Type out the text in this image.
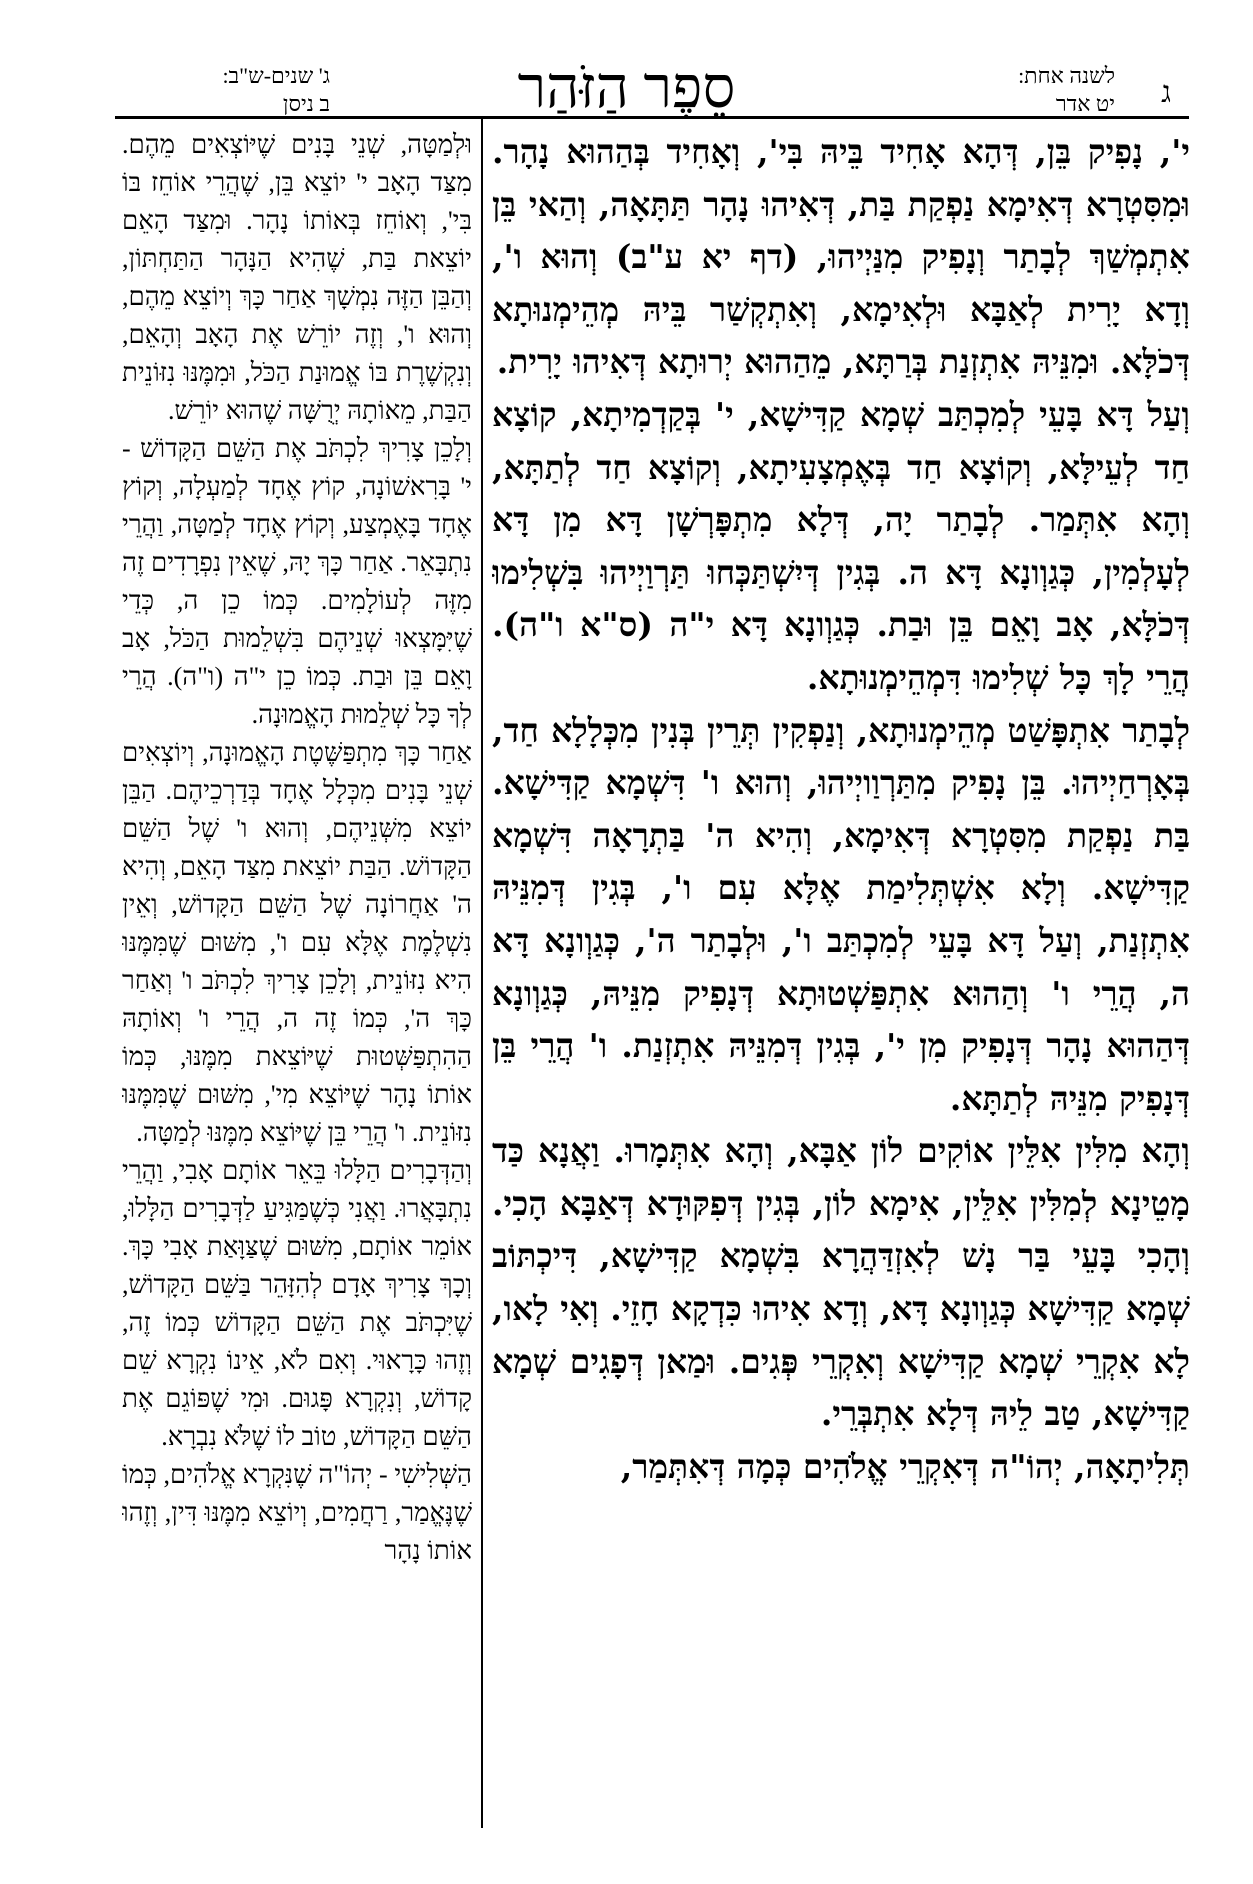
לשנה אחת:
יט אדר ג
סֵפֶר הַזֹּהַר
ג' שנים-ש"ב:
ב ניסן

י', נָפִיק בֵּן, דְּהָא אָחִיד בֵּיהּ בִּי', וְאָחִיד בְּהַהוּא נָהָר. וּמִסִּטְרָא דְּאִימָא נַפְקַת בַּת, דְּאִיהוּ נָהָר תַּתָּאָה, וְהַאי בֵּן אִתְמְשַׁךְ לְבָתַר וְנָפִיק מִנַּיְיהוּ, (דף יא ע"ב) וְהוּא ו', וְדָא יָרִית לְאַבָּא וּלְאִימָא, וְאִתְקְשַׁר בֵּיהּ מְהֵימְנוּתָא דְּכֹלָּא. וּמִנֵּיהּ אִתְזְנַת בְּרַתָּא, מֵהַהוּא יְרוּתָא דְּאִיהוּ יָרִית.

וְעַל דָּא בָּעֵי לְמִכְתַּב שְׁמָא קַדִּישָׁא, י' בְּקַדְמִיתָא, קוֹצָא חַד לְעֵילָּא, וְקוֹצָא חַד בְּאֶמְצָעִיתָא, וְקוֹצָא חַד לְתַתָּא, וְהָא אִתְּמַר. לְבָתַר יָה, דְּלָא מִתְפָּרְשָׁן דָּא מִן דָּא לְעָלְמִין, כְּגַוְונָא דָּא ה. בְּגִין דְּיִשְׁתַּכְּחוּ תַּרְוַיְיהוּ בִּשְׁלִימוּ דְּכֹלָּא, אָב וָאֵם בֵּן וּבַת. כְּגַוְונָא דָּא י"ה (ס"א ו"ה). הֲרֵי לָךְ כָּל שְׁלִימוּ דִּמְהֵימְנוּתָא.

לְבָתַר אִתְפָּשַׁט מְהֵימְנוּתָא, וְנַפְקִין תְּרֵין בְּנִין מִכְּלָלָא חַד, בְּאָרְחַיְיהוּ. בֵּן נָפִיק מִתַּרְוַויְיהוּ, וְהוּא ו' דִּשְׁמָא קַדִּישָׁא. בַּת נַפְקַת מִסִּטְרָא דְּאִימָא, וְהִיא ה' בַּתְרָאָה דִּשְׁמָא קַדִּישָׁא. וְלָא אִשְׁתְּלִימַת אֶלָּא עִם ו', בְּגִין דְּמִנֵּיהּ אִתְזְנַת, וְעַל דָּא בָּעֵי לְמִכְתַּב ו', וּלְבָתַר ה', כְּגַוְונָא דָּא ה, הֲרֵי ו' וְהַהוּא אִתְפַּשְׁטוּתָא דְּנָפִיק מִנֵּיהּ, כְּגַוְונָא דְּהַהוּא נָהָר דְּנָפִיק מִן י', בְּגִין דְּמִנֵּיהּ אִתְזְנַת. ו' הֲרֵי בֵּן דְּנָפִיק מִנֵּיהּ לְתַתָּא.

וְהָא מִלִּין אִלֵּין אוֹקִים לוֹן אַבָּא, וְהָא אִתְּמָרוּ. וַאֲנָא כַּד מָטֵינָא לְמִלִּין אִלֵּין, אִימָא לוֹן, בְּגִין דְּפִקּוּדָא דְּאַבָּא הָכִי. וְהָכִי בָּעֵי בַּר נָשׁ לְאִזְדַּהֲרָא בִּשְׁמָא קַדִּישָׁא, דִּיכְתּוֹב שְׁמָא קַדִּישָׁא כְּגַוְונָא דָּא, וְדָא אִיהוּ כִּדְקָא חָזֵי. וְאִי לָאו, לָא אִקְרֵי שְׁמָא קַדִּישָׁא וְאִקְרֵי פְּגִים. וּמַאן דְּפָגִים שְׁמָא קַדִּישָׁא, טַב לֵיהּ דְּלָא אִתְבְּרֵי.

תְּלִיתָאָה, יְהוֹ"ה דְּאִקְרֵי אֱלֹהִים כְּמָה דְּאִתְּמַר,

וּלְמַטָּה, שְׁנֵי בָּנִים שֶׁיּוֹצְאִים מֵהֶם. מִצַּד הָאָב י' יוֹצֵא בֵּן, שֶׁהֲרֵי אוֹחֵז בּוֹ בִּי', וְאוֹחֵז בְּאוֹתוֹ נָהָר. וּמִצַּד הָאֵם יוֹצֵאת בַּת, שֶׁהִיא הַנָּהָר הַתַּחְתּוֹן, וְהַבֵּן הַזֶּה נִמְשָׁךְ אַחַר כָּךְ וְיוֹצֵא מֵהֶם, וְהוּא ו', וְזֶה יוֹרֵשׁ אֶת הָאָב וְהָאֵם, וְנִקְשֶׁרֶת בּוֹ אֱמוּנַת הַכֹּל, וּמִמֶּנּוּ נִזּוֹנֵית הַבַּת, מֵאוֹתָהּ יְרֻשָּׁה שֶׁהוּא יוֹרֵשׁ.

וְלָכֵן צָרִיךְ לִכְתֹּב אֶת הַשֵּׁם הַקָּדוֹשׁ - י' בָּרִאשׁוֹנָה, קוֹץ אֶחָד לְמַעְלָה, וְקוֹץ אֶחָד בָּאֶמְצַע, וְקוֹץ אֶחָד לְמַטָּה, וַהֲרֵי נִתְבָּאֵר. אַחַר כָּךְ יָהּ, שֶׁאֵין נִפְרָדִים זֶה מִזֶּה לְעוֹלָמִים. כְּמוֹ כֵן ה, כְּדֵי שֶׁיִּמָּצְאוּ שְׁנֵיהֶם בִּשְׁלֵמוּת הַכֹּל, אָב וָאֵם בֵּן וּבַת. כְּמוֹ כֵן י"ה (ו"ה). הֲרֵי לְךָ כָּל שְׁלֵמוּת הָאֱמוּנָה.

אַחַר כָּךְ מִתְפַּשֶּׁטֶת הָאֱמוּנָה, וְיוֹצְאִים שְׁנֵי בָּנִים מִכְּלָל אֶחָד בְּדַרְכֵיהֶם. הַבֵּן יוֹצֵא מִשְּׁנֵיהֶם, וְהוּא ו' שֶׁל הַשֵּׁם הַקָּדוֹשׁ. הַבַּת יוֹצֵאת מִצַּד הָאֵם, וְהִיא ה' אַחֲרוֹנָה שֶׁל הַשֵּׁם הַקָּדוֹשׁ, וְאֵין נִשְׁלֶמֶת אֶלָּא עִם ו', מִשּׁוּם שֶׁמִּמֶּנּוּ הִיא נִזּוֹנֵית, וְלָכֵן צָרִיךְ לִכְתֹּב ו' וְאַחַר כָּךְ ה', כְּמוֹ זֶה ה, הֲרֵי ו' וְאוֹתָהּ הַהִתְפַּשְּׁטוּת שֶׁיּוֹצֵאת מִמֶּנּוּ, כְּמוֹ אוֹתוֹ נָהָר שֶׁיּוֹצֵא מִי', מִשּׁוּם שֶׁמִּמֶּנּוּ נִזּוֹנֵית. ו' הֲרֵי בֵּן שֶׁיּוֹצֵא מִמֶּנּוּ לְמַטָּה.

וְהַדְּבָרִים הַלָּלוּ בֵּאֵר אוֹתָם אָבִי, וַהֲרֵי נִתְבָּאֲרוּ. וַאֲנִי כְּשֶׁמַּגִּיעַ לַדְּבָרִים הַלָּלוּ, אוֹמֵר אוֹתָם, מִשּׁוּם שֶׁצַּוָּאַת אָבִי כָּךְ. וְכָךְ צָרִיךְ אָדָם לְהִזָּהֵר בַּשֵּׁם הַקָּדוֹשׁ, שֶׁיִּכְתֹּב אֶת הַשֵּׁם הַקָּדוֹשׁ כְּמוֹ זֶה, וְזֶהוּ כָּרָאוּי. וְאִם לֹא, אֵינוֹ נִקְרָא שֵׁם קָדוֹשׁ, וְנִקְרָא פָּגוּם. וּמִי שֶׁפּוֹגֵם אֶת הַשֵּׁם הַקָּדוֹשׁ, טוֹב לוֹ שֶׁלֹּא נִבְרָא.

הַשְּׁלִישִׁי - יְהוֹ"ה שֶׁנִּקְרָא אֱלֹהִים, כְּמוֹ שֶׁנֶּאֱמַר, רַחֲמִים, וְיוֹצֵא מִמֶּנּוּ דִּין, וְזֶהוּ אוֹתוֹ נָהָר
